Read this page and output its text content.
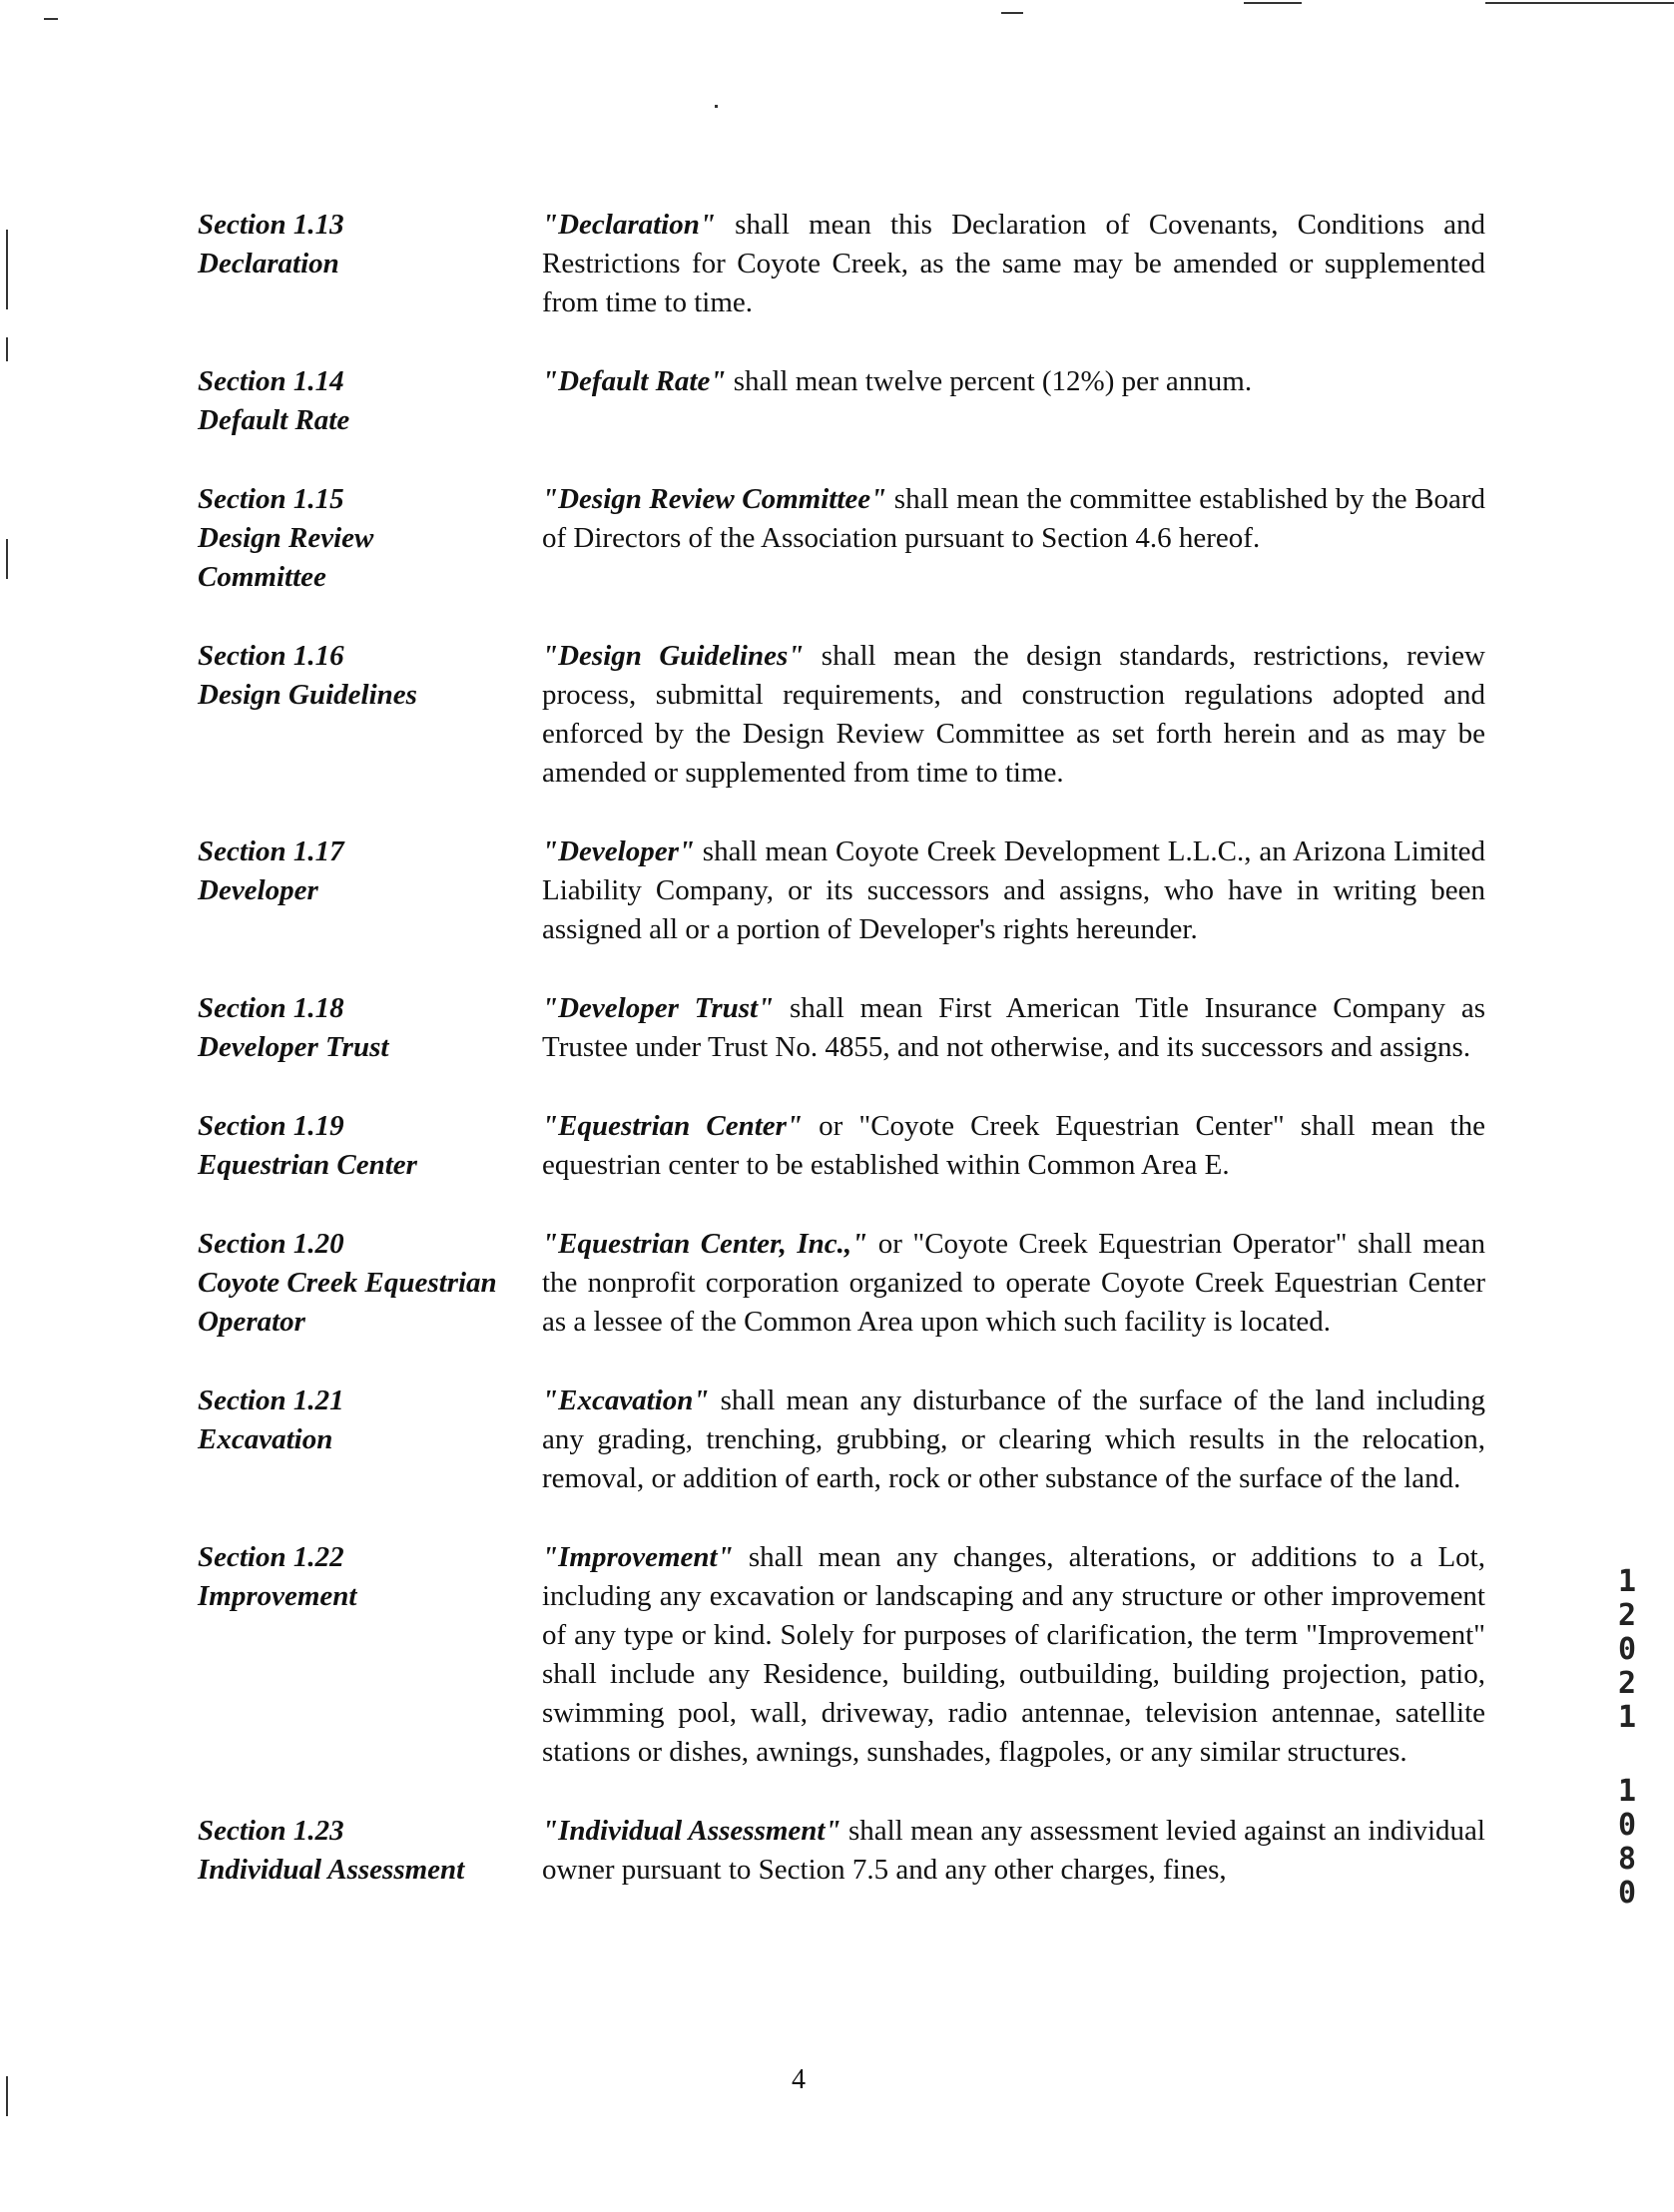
Section 1.13
Declaration
"Declaration" shall mean this Declaration of Covenants, Conditions and Restrictions for Coyote Creek, as the same may be amended or supplemented from time to time.
Section 1.14
Default Rate
"Default Rate" shall mean twelve percent (12%) per annum.
Section 1.15
Design Review
Committee
"Design Review Committee" shall mean the committee established by the Board of Directors of the Association pursuant to Section 4.6 hereof.
Section 1.16
Design Guidelines
"Design Guidelines" shall mean the design standards, restrictions, review process, submittal requirements, and construction regulations adopted and enforced by the Design Review Committee as set forth herein and as may be amended or supplemented from time to time.
Section 1.17
Developer
"Developer" shall mean Coyote Creek Development L.L.C., an Arizona Limited Liability Company, or its successors and assigns, who have in writing been assigned all or a portion of Developer's rights hereunder.
Section 1.18
Developer Trust
"Developer Trust" shall mean First American Title Insurance Company as Trustee under Trust No. 4855, and not otherwise, and its successors and assigns.
Section 1.19
Equestrian Center
"Equestrian Center" or "Coyote Creek Equestrian Center" shall mean the equestrian center to be established within Common Area E.
Section 1.20
Coyote Creek Equestrian
Operator
"Equestrian Center, Inc.," or "Coyote Creek Equestrian Operator" shall mean the nonprofit corporation organized to operate Coyote Creek Equestrian Center as a lessee of the Common Area upon which such facility is located.
Section 1.21
Excavation
"Excavation" shall mean any disturbance of the surface of the land including any grading, trenching, grubbing, or clearing which results in the relocation, removal, or addition of earth, rock or other substance of the surface of the land.
Section 1.22
Improvement
"Improvement" shall mean any changes, alterations, or additions to a Lot, including any excavation or landscaping and any structure or other improvement of any type or kind. Solely for purposes of clarification, the term "Improvement" shall include any Residence, building, outbuilding, building projection, patio, swimming pool, wall, driveway, radio antennae, television antennae, satellite stations or dishes, awnings, sunshades, flagpoles, or any similar structures.
Section 1.23
Individual Assessment
"Individual Assessment" shall mean any assessment levied against an individual owner pursuant to Section 7.5 and any other charges, fines,
1
2
0
2
1
1
0
8
0
4
